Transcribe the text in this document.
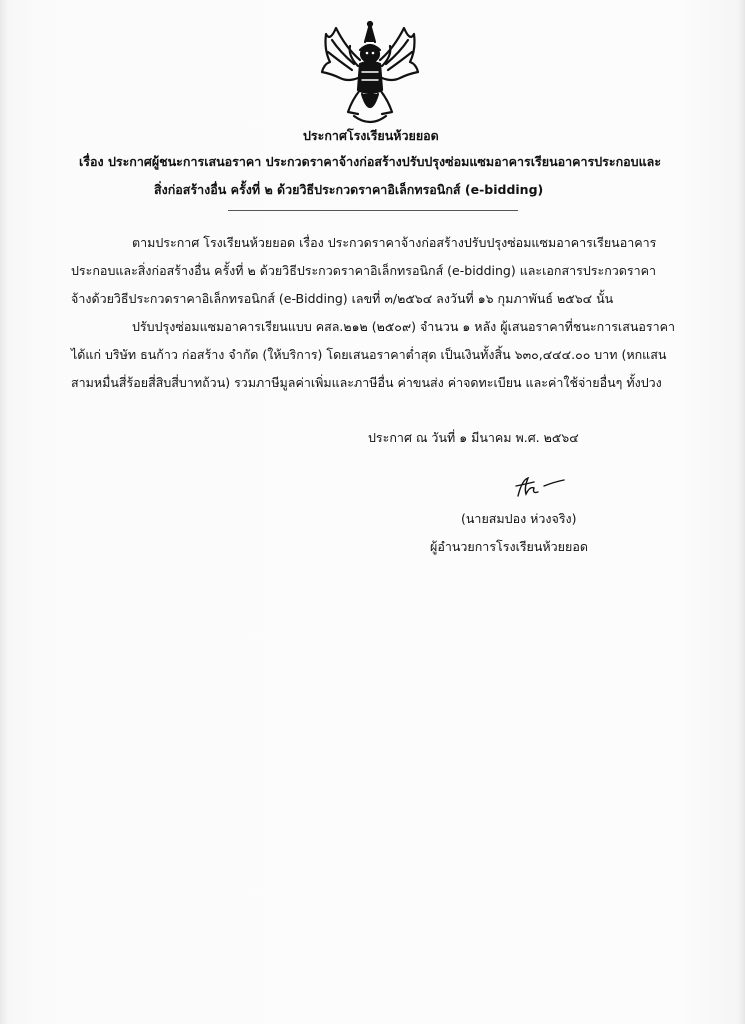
ประกาศโรงเรียนห้วยยอด
เรื่อง ประกาศผู้ชนะการเสนอราคา ประกวดราคาจ้างก่อสร้างปรับปรุงซ่อมแซมอาคารเรียนอาคารประกอบและ
สิ่งก่อสร้างอื่น ครั้งที่ ๒ ด้วยวิธีประกวดราคาอิเล็กทรอนิกส์ (e-bidding)
ตามประกาศ โรงเรียนห้วยยอด เรื่อง ประกวดราคาจ้างก่อสร้างปรับปรุงซ่อมแซมอาคารเรียนอาคาร
ประกอบและสิ่งก่อสร้างอื่น ครั้งที่ ๒ ด้วยวิธีประกวดราคาอิเล็กทรอนิกส์ (e-bidding) และเอกสารประกวดราคา
จ้างด้วยวิธีประกวดราคาอิเล็กทรอนิกส์ (e-Bidding) เลขที่ ๓/๒๕๖๔ ลงวันที่ ๑๖ กุมภาพันธ์ ๒๕๖๔ นั้น
ปรับปรุงซ่อมแซมอาคารเรียนแบบ คสล.๒๑๒ (๒๕๐๙) จำนวน ๑ หลัง ผู้เสนอราคาที่ชนะการเสนอราคา
ได้แก่ บริษัท ธนก้าว ก่อสร้าง จำกัด (ให้บริการ) โดยเสนอราคาต่ำสุด เป็นเงินทั้งสิ้น ๖๓๐,๔๔๔.๐๐ บาท (หกแสน
สามหมื่นสี่ร้อยสี่สิบสี่บาทถ้วน) รวมภาษีมูลค่าเพิ่มและภาษีอื่น ค่าขนส่ง ค่าจดทะเบียน และค่าใช้จ่ายอื่นๆ ทั้งปวง
ประกาศ ณ วันที่ ๑ มีนาคม พ.ศ. ๒๕๖๔
(นายสมปอง ห่วงจริง)
ผู้อำนวยการโรงเรียนห้วยยอด
